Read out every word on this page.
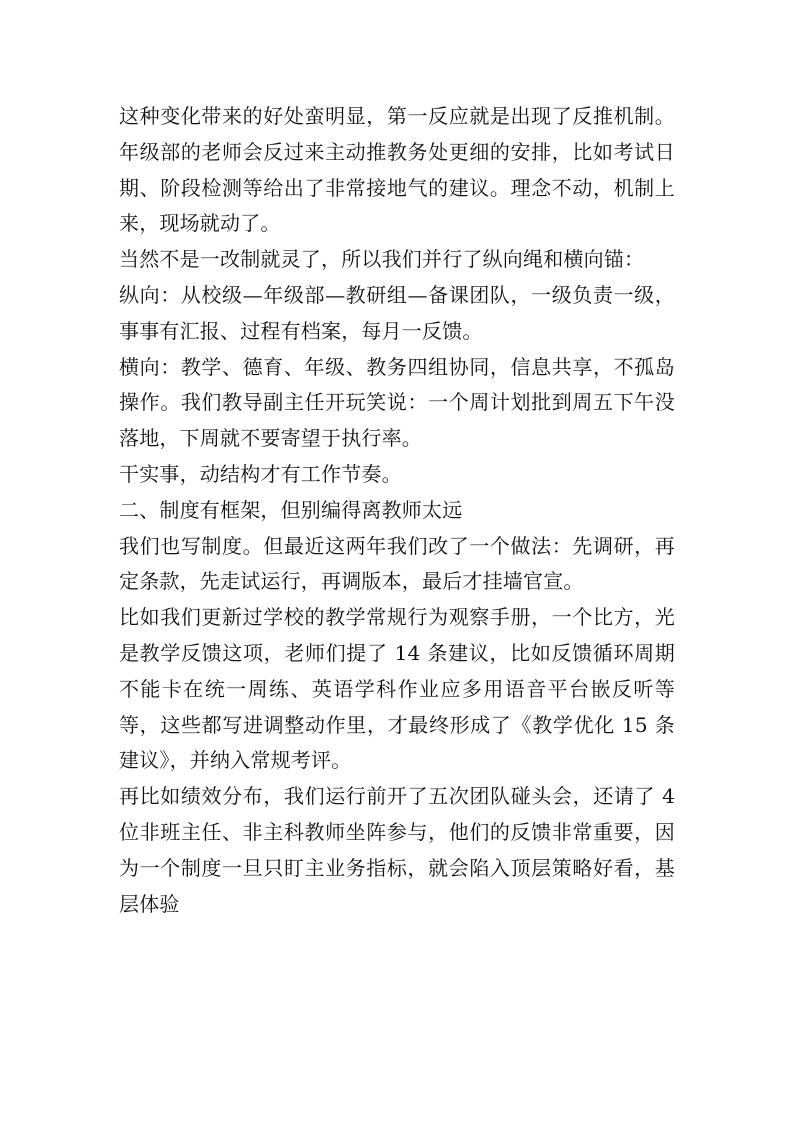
这种变化带来的好处蛮明显，第一反应就是出现了反推机制。年级部的老师会反过来主动推教务处更细的安排，比如考试日期、阶段检测等给出了非常接地气的建议。理念不动，机制上来，现场就动了。

当然不是一改制就灵了，所以我们并行了纵向绳和横向锚：

纵向：从校级—年级部—教研组—备课团队，一级负责一级，事事有汇报、过程有档案，每月一反馈。

横向：教学、德育、年级、教务四组协同，信息共享，不孤岛操作。我们教导副主任开玩笑说：一个周计划批到周五下午没落地，下周就不要寄望于执行率。

干实事，动结构才有工作节奏。

二、制度有框架，但别编得离教师太远

我们也写制度。但最近这两年我们改了一个做法：先调研，再定条款，先走试运行，再调版本，最后才挂墙官宣。

比如我们更新过学校的教学常规行为观察手册，一个比方，光是教学反馈这项，老师们提了 14 条建议，比如反馈循环周期不能卡在统一周练、英语学科作业应多用语音平台嵌反听等等，这些都写进调整动作里，才最终形成了《教学优化 15 条建议》，并纳入常规考评。

再比如绩效分布，我们运行前开了五次团队碰头会，还请了 4 位非班主任、非主科教师坐阵参与，他们的反馈非常重要，因为一个制度一旦只盯主业务指标，就会陷入顶层策略好看，基层体验
